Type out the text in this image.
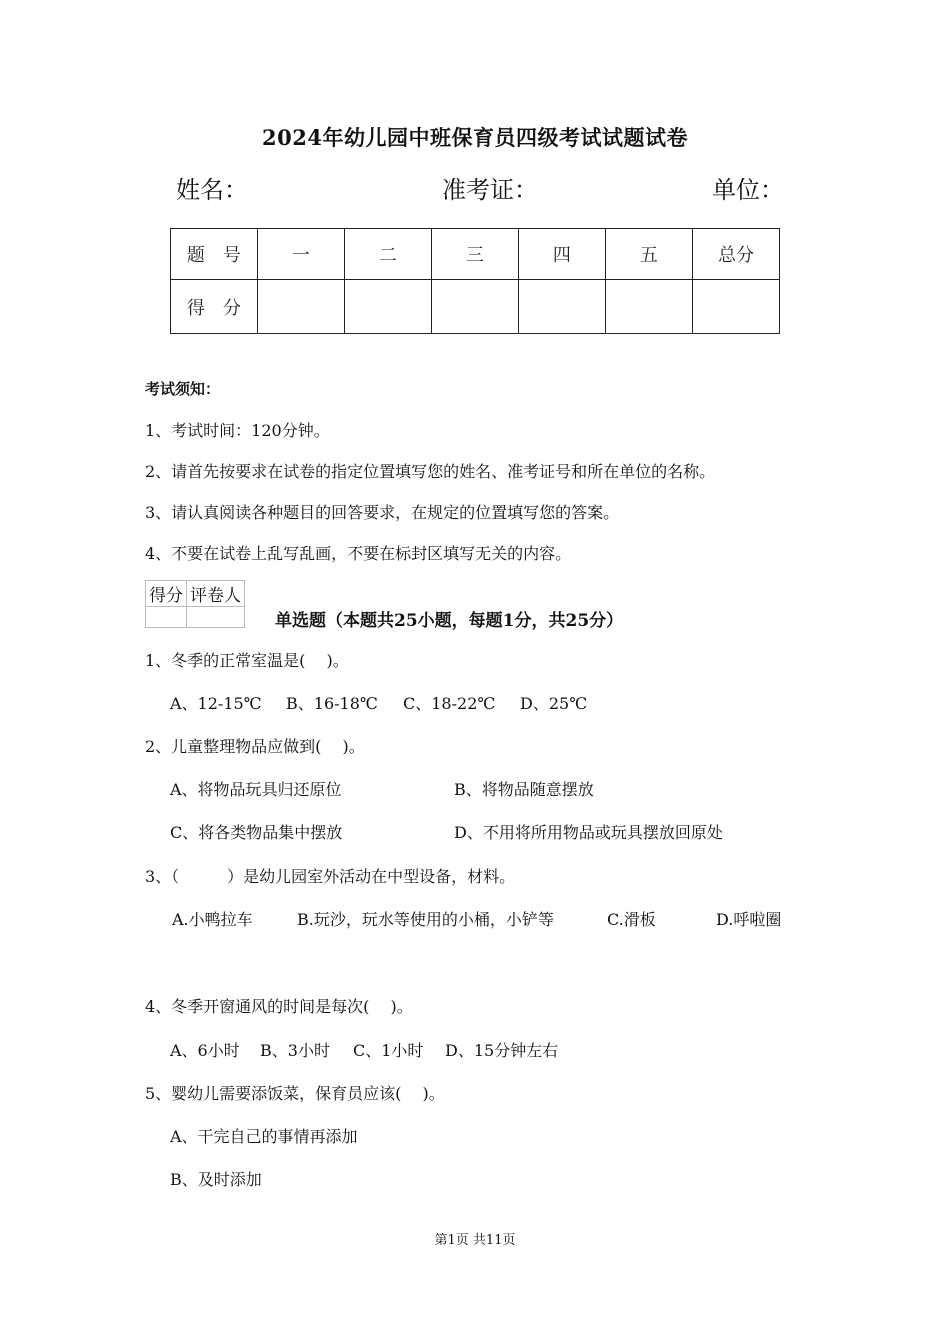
2024年幼儿园中班保育员四级考试试题试卷
姓名：	准考证：	单位：
题　号	一	二	三	四	五	总分
得　分						
考试须知：
1、考试时间：120分钟。
2、请首先按要求在试卷的指定位置填写您的姓名、准考证号和所在单位的名称。
3、请认真阅读各种题目的回答要求，在规定的位置填写您的答案。
4、不要在试卷上乱写乱画，不要在标封区填写无关的内容。
得分	评卷人

单选题（本题共25小题，每题1分，共25分）
1、冬季的正常室温是(　 )。
A、12-15℃ B、16-18℃ C、18-22℃ D、25℃
2、儿童整理物品应做到(　 )。
A、将物品玩具归还原位	B、将物品随意摆放
C、将各类物品集中摆放	D、不用将所用物品或玩具摆放回原处
3、（　　　）是幼儿园室外活动在中型设备，材料。
A.小鸭拉车	B.玩沙，玩水等使用的小桶，小铲等	C.滑板	D.呼啦圈
4、冬季开窗通风的时间是每次(　 )。
A、6小时 B、3小时 C、1小时 D、15分钟左右
5、婴幼儿需要添饭菜，保育员应该(　 )。
A、干完自己的事情再添加
B、及时添加
第1页 共11页
